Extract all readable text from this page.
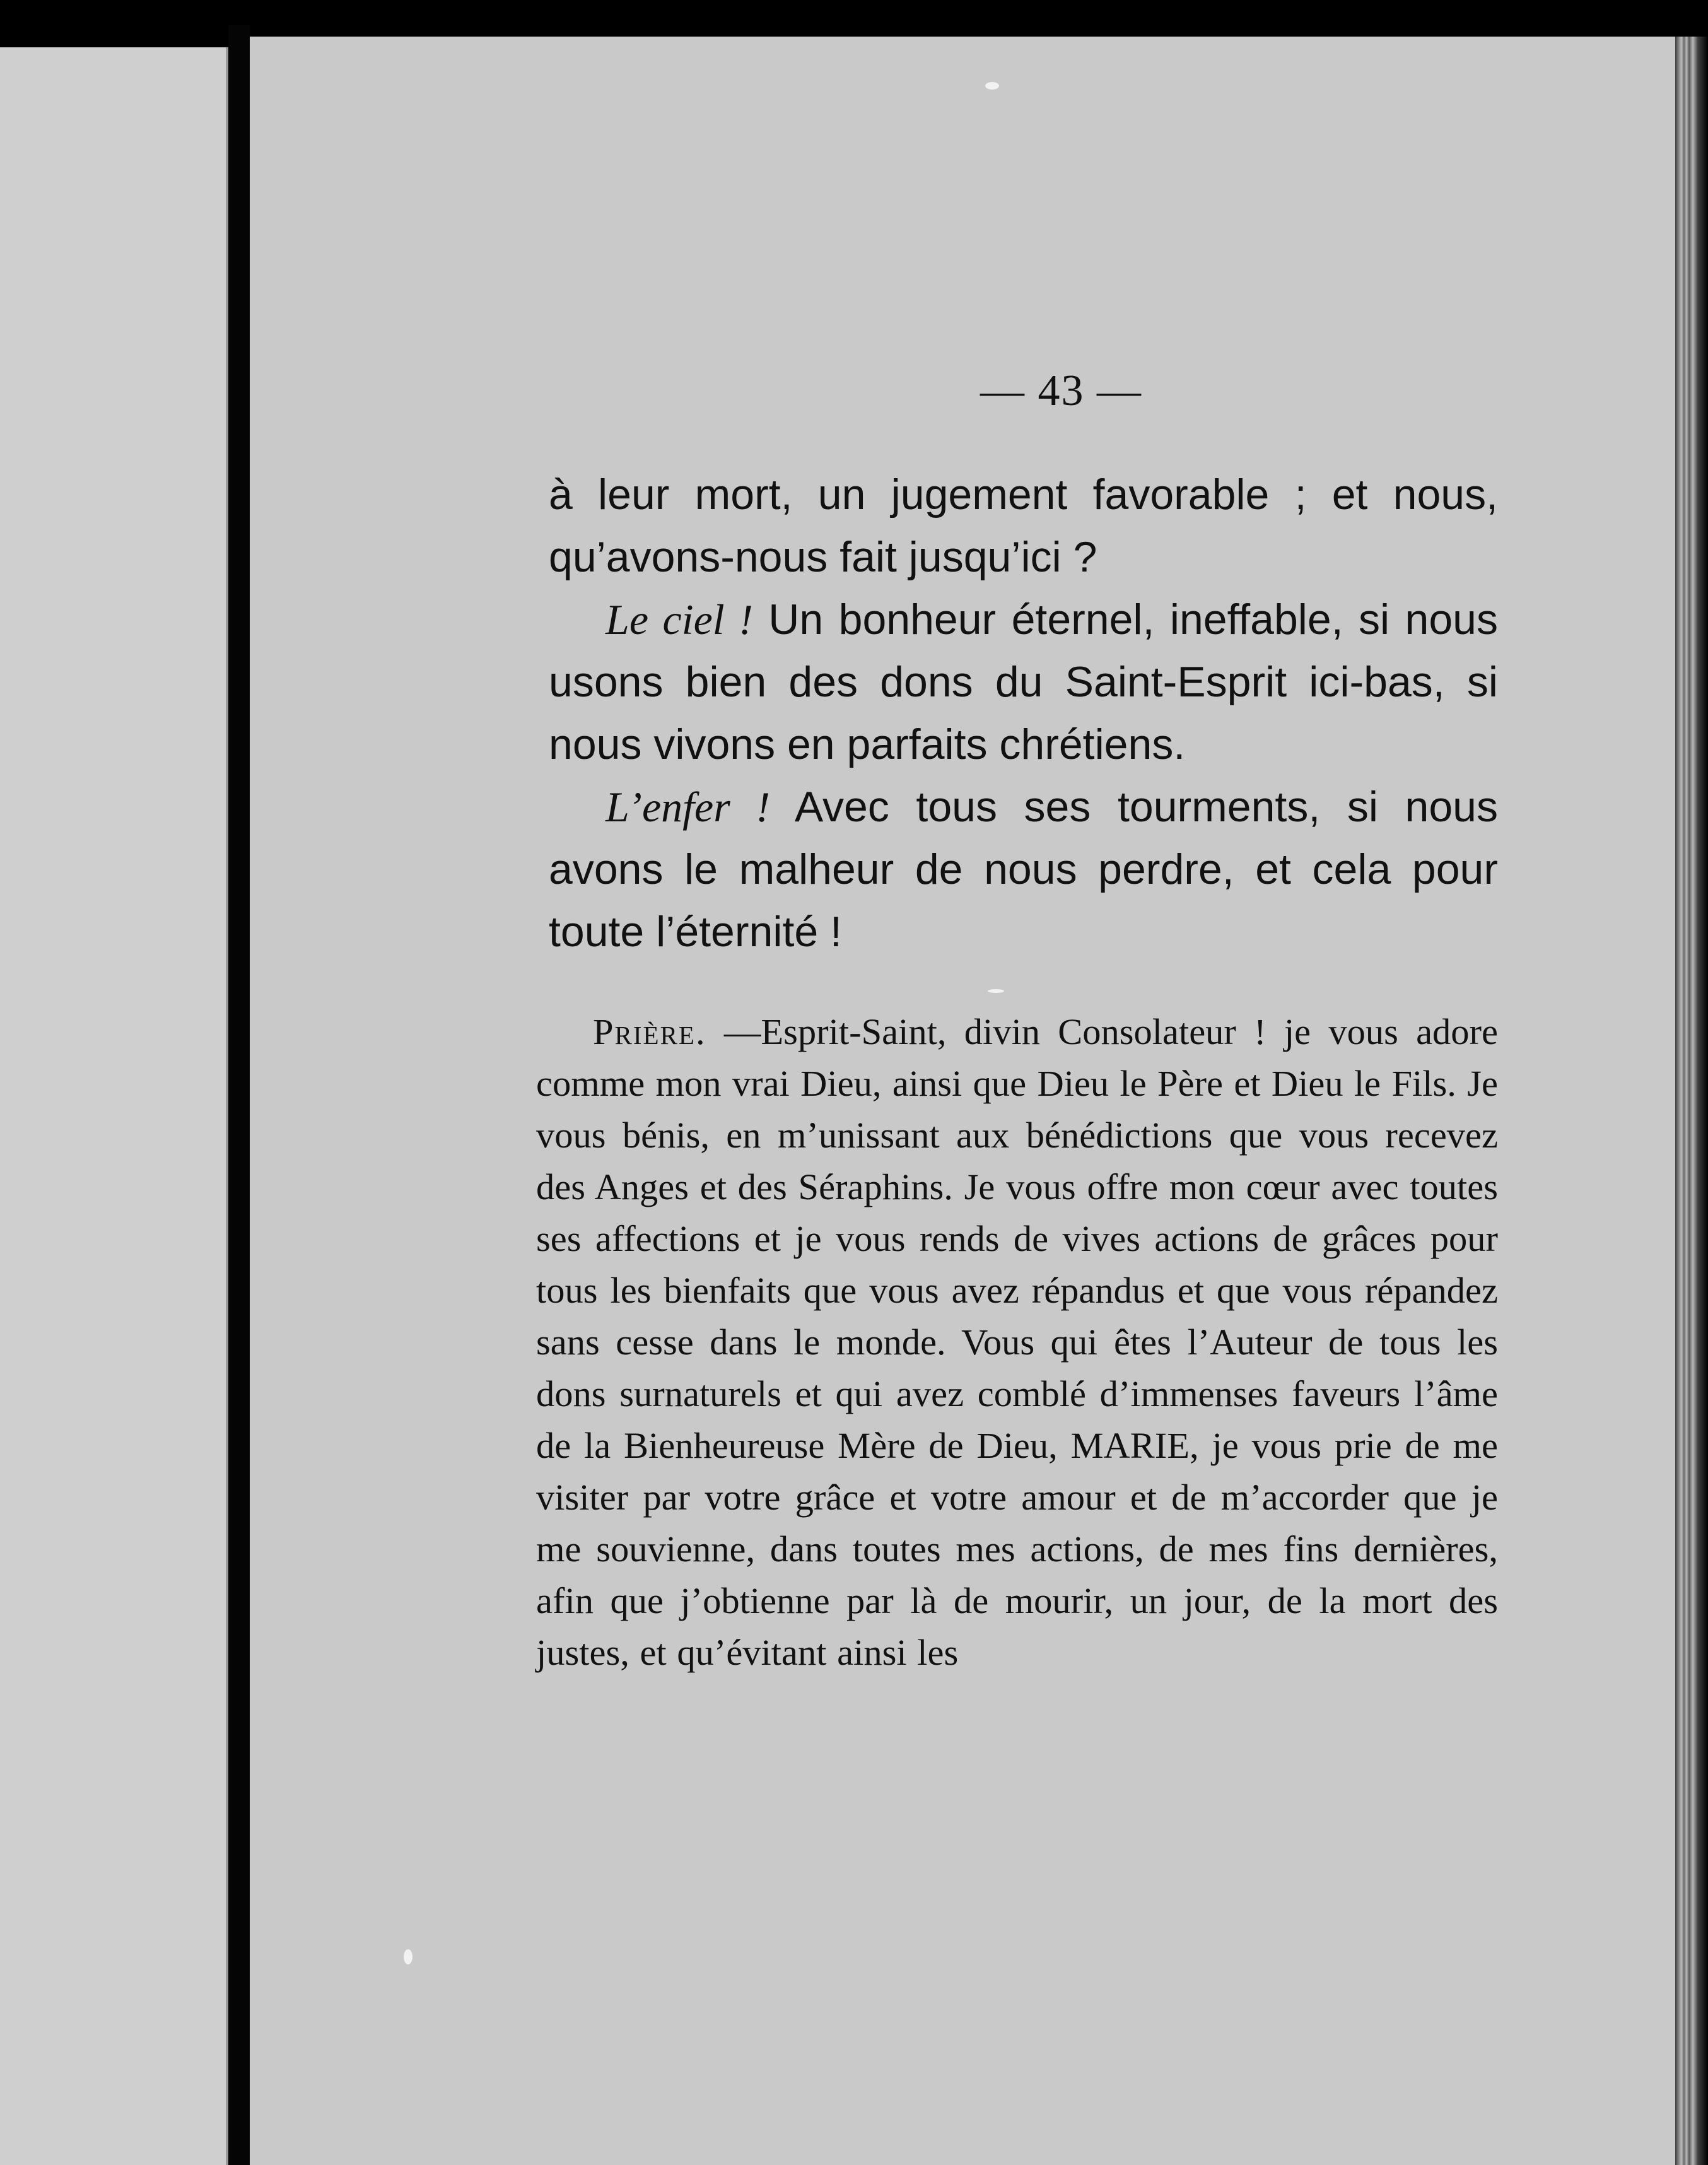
— 43 —

à leur mort, un jugement favorable ; et nous, qu’avons-nous fait jusqu’ici ?

Le ciel ! Un bonheur éternel, ineffable, si nous usons bien des dons du Saint-Esprit ici-bas, si nous vivons en parfaits chrétiens.

L’enfer ! Avec tous ses tourments, si nous avons le malheur de nous perdre, et cela pour toute l’éternité !

Prière. —Esprit-Saint, divin Consolateur ! je vous adore comme mon vrai Dieu, ainsi que Dieu le Père et Dieu le Fils. Je vous bénis, en m’unissant aux bénédictions que vous recevez des Anges et des Séraphins. Je vous offre mon cœur avec toutes ses affections et je vous rends de vives actions de grâces pour tous les bienfaits que vous avez répandus et que vous répandez sans cesse dans le monde. Vous qui êtes l’Auteur de tous les dons surnaturels et qui avez comblé d’immenses faveurs l’âme de la Bienheureuse Mère de Dieu, MARIE, je vous prie de me visiter par votre grâce et votre amour et de m’accorder que je me souvienne, dans toutes mes actions, de mes fins dernières, afin que j’obtienne par là de mourir, un jour, de la mort des justes, et qu’évitant ainsi les
